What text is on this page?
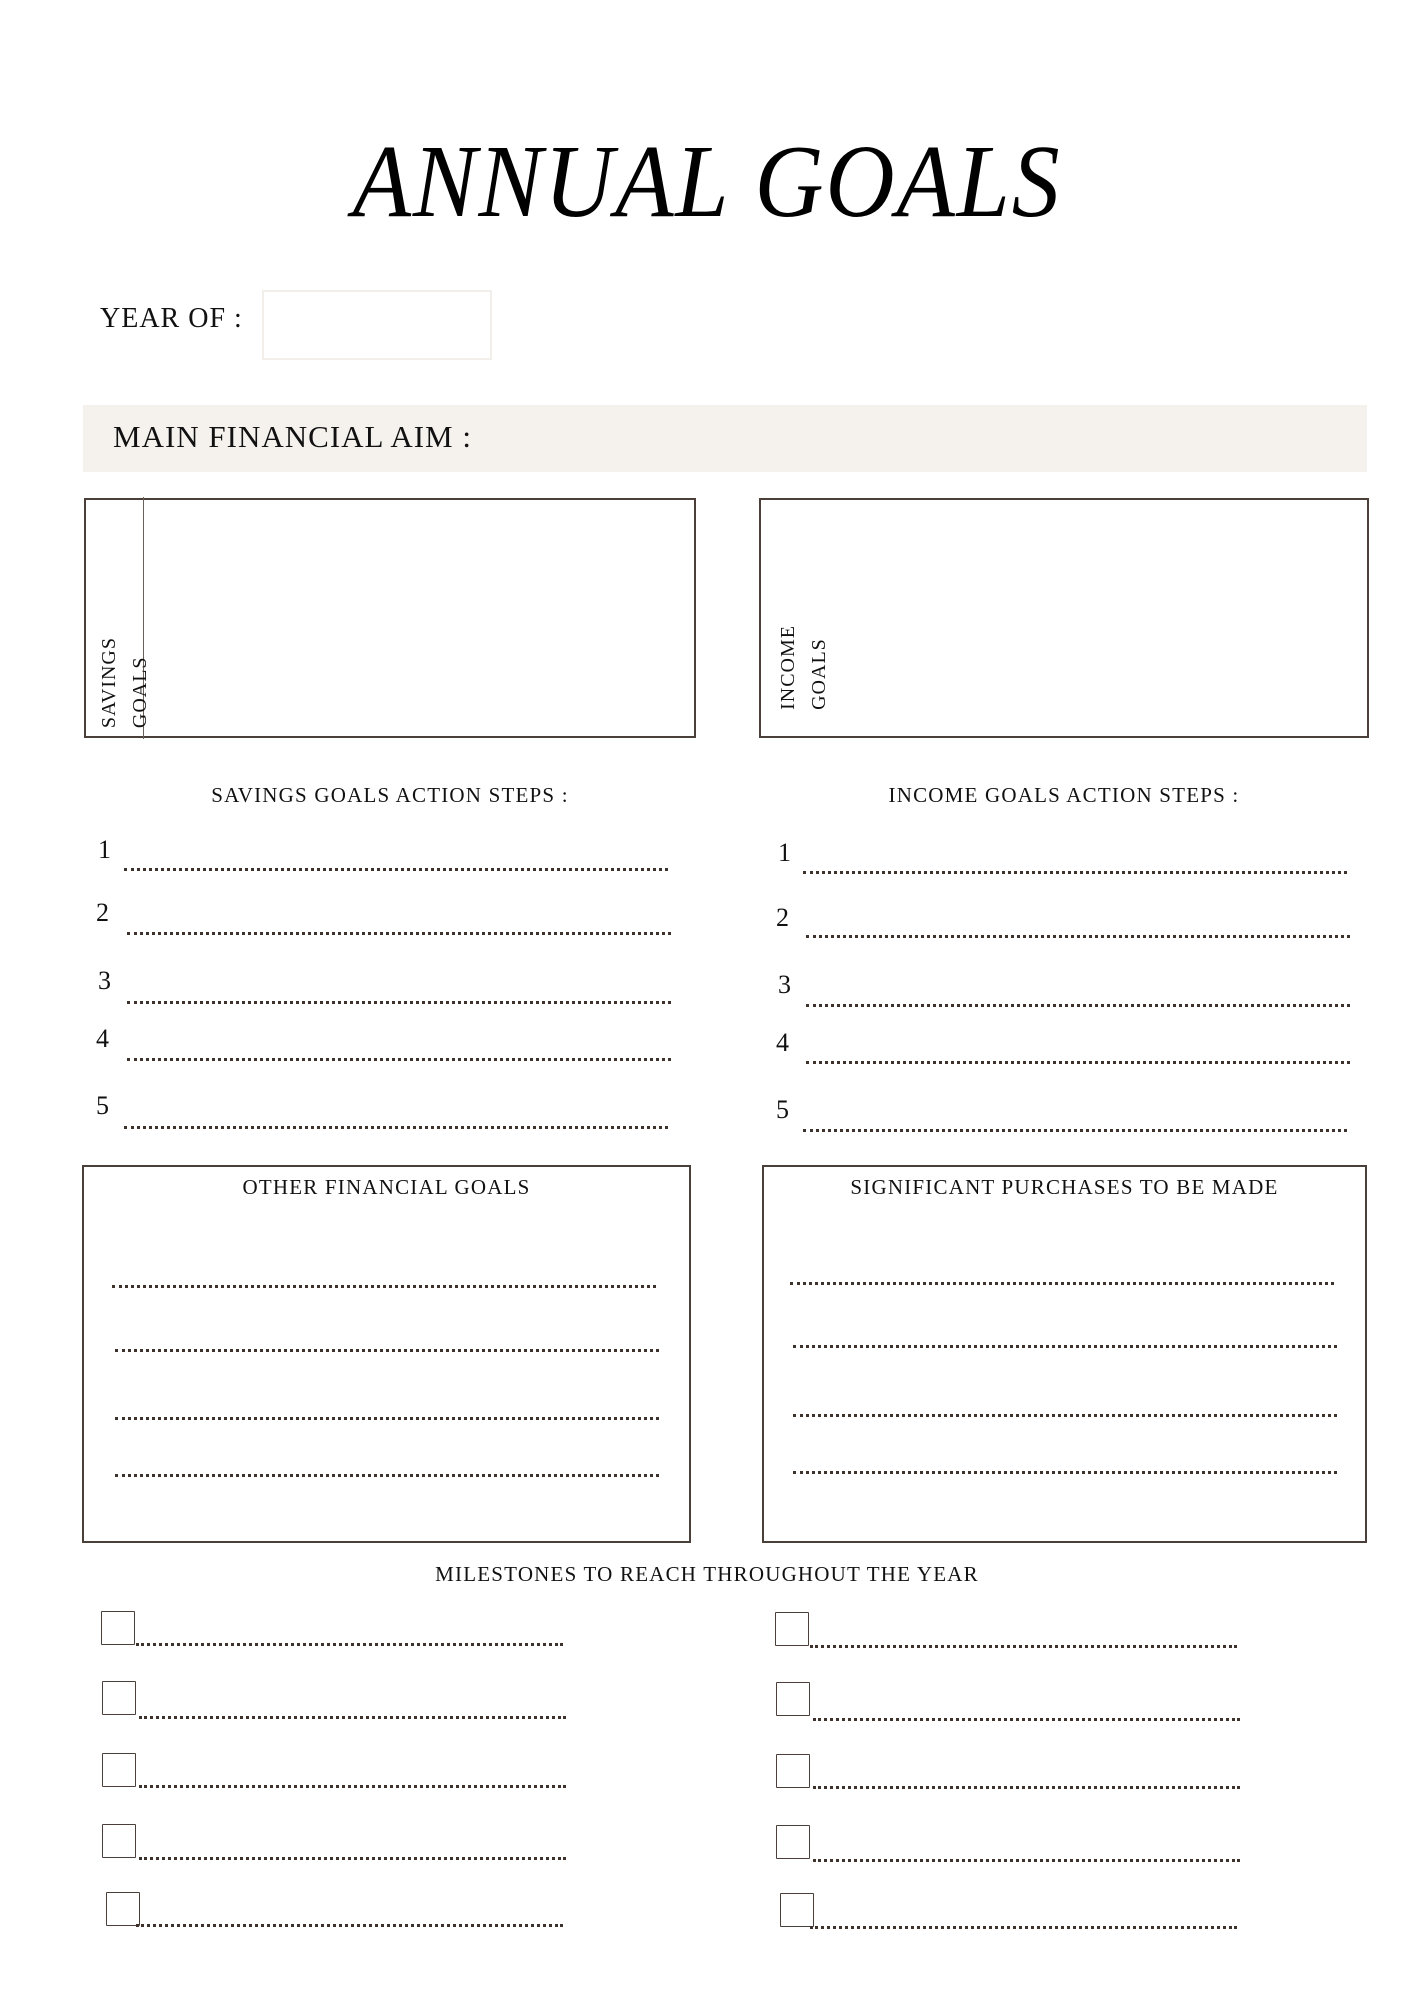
ANNUAL GOALS
YEAR OF :
MAIN FINANCIAL AIM :
SAVINGS GOALS	INCOME GOALS
SAVINGS GOALS ACTION STEPS :
1
2
3
4
5
INCOME GOALS ACTION STEPS :
1
2
3
4
5
OTHER FINANCIAL GOALS	SIGNIFICANT PURCHASES TO BE MADE
MILESTONES TO REACH THROUGHOUT THE YEAR
